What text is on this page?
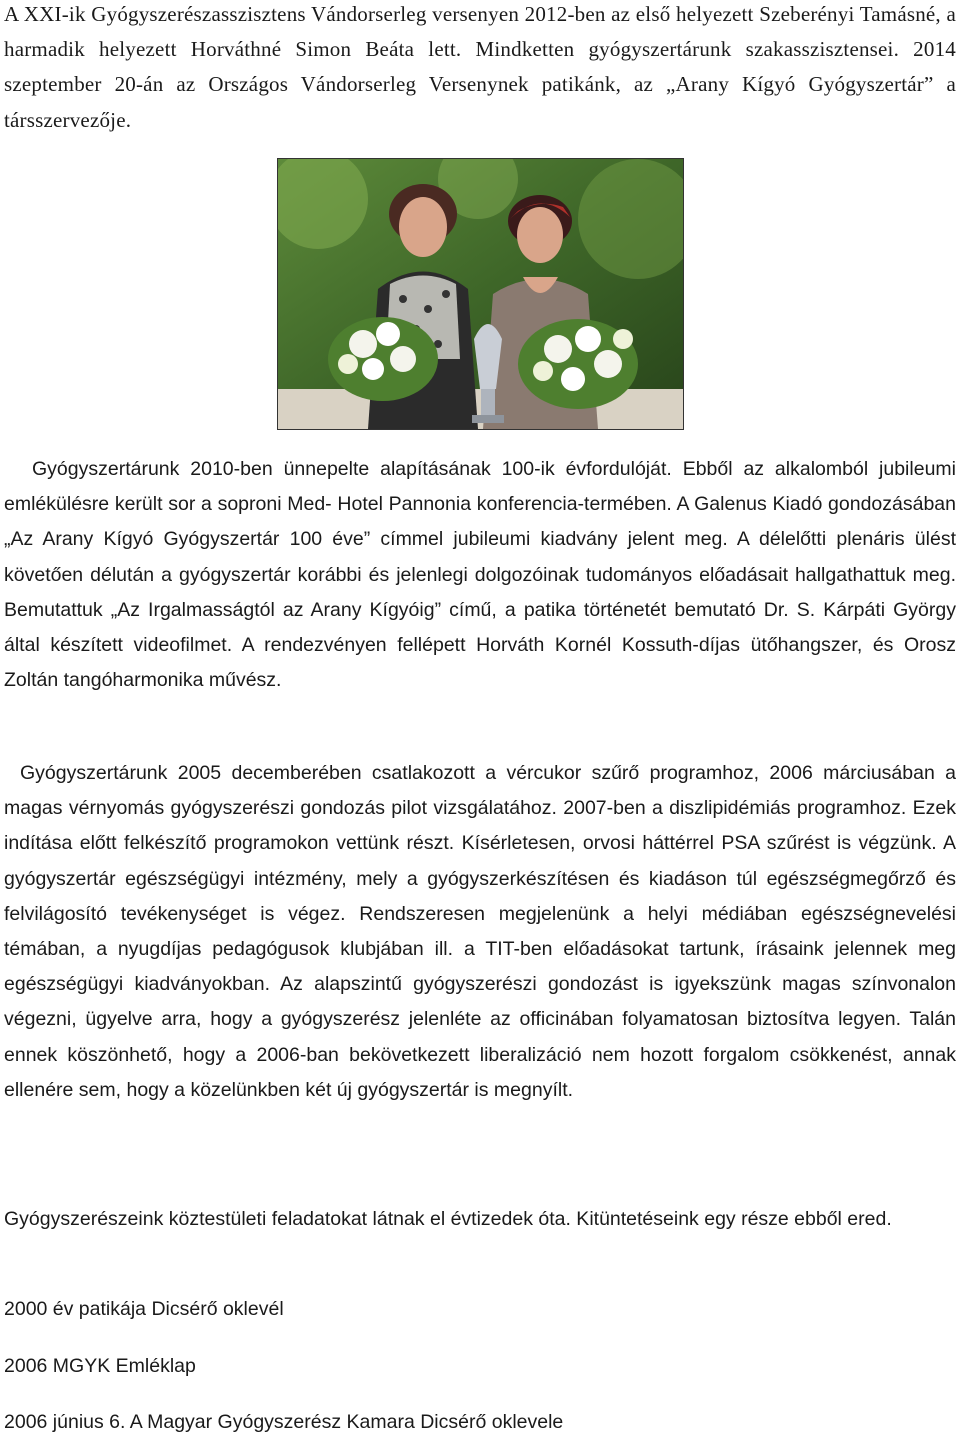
A XXI-ik Gyógyszerészasszisztens Vándorserleg versenyen 2012-ben az első helyezett Szeberényi Tamásné, a harmadik helyezett Horváthné Simon Beáta lett. Mindketten gyógyszertárunk szakasszisztensei. 2014 szeptember 20-án az Országos Vándorserleg Versenynek patikánk, az „Arany Kígyó Gyógyszertár” a társszervezője.

Gyógyszertárunk 2010-ben ünnepelte alapításának 100-ik évfordulóját. Ebből az alkalomból jubileumi emlékülésre került sor a soproni Med- Hotel Pannonia konferencia-termében. A Galenus Kiadó gondozásában „Az Arany Kígyó Gyógyszertár 100 éve” címmel jubileumi kiadvány jelent meg. A délelőtti plenáris ülést követően délután a gyógyszertár korábbi és jelenlegi dolgozóinak tudományos előadásait hallgathattuk meg. Bemutattuk „Az Irgalmasságtól az Arany Kígyóig” című, a patika történetét bemutató Dr. S. Kárpáti György által készített videofilmet. A rendezvényen fellépett Horváth Kornél Kossuth-díjas ütőhangszer, és Orosz Zoltán tangóharmonika művész.

Gyógyszertárunk 2005 decemberében csatlakozott a vércukor szűrő programhoz, 2006 márciusában a magas vérnyomás gyógyszerészi gondozás pilot vizsgálatához. 2007-ben a diszlipidémiás programhoz. Ezek indítása előtt felkészítő programokon vettünk részt. Kísérletesen, orvosi háttérrel PSA szűrést is végzünk. A gyógyszertár egészségügyi intézmény, mely a gyógyszerkészítésen és kiadáson túl egészségmegőrző és felvilágosító tevékenységet is végez. Rendszeresen megjelenünk a helyi médiában egészségnevelési témában, a nyugdíjas pedagógusok klubjában ill. a TIT-ben előadásokat tartunk, írásaink jelennek meg egészségügyi kiadványokban. Az alapszintű gyógyszerészi gondozást is igyekszünk magas színvonalon végezni, ügyelve arra, hogy a gyógyszerész jelenléte az officinában folyamatosan biztosítva legyen. Talán ennek köszönhető, hogy a 2006-ban bekövetkezett liberalizáció nem hozott forgalom csökkenést, annak ellenére sem, hogy a közelünkben két új gyógyszertár is megnyílt.

Gyógyszerészeink köztestületi feladatokat látnak el évtizedek óta. Kitüntetéseink egy része ebből ered.

2000 év patikája Dicsérő oklevél

2006 MGYK Emléklap

2006 június 6. A Magyar Gyógyszerész Kamara Dicsérő oklevele
